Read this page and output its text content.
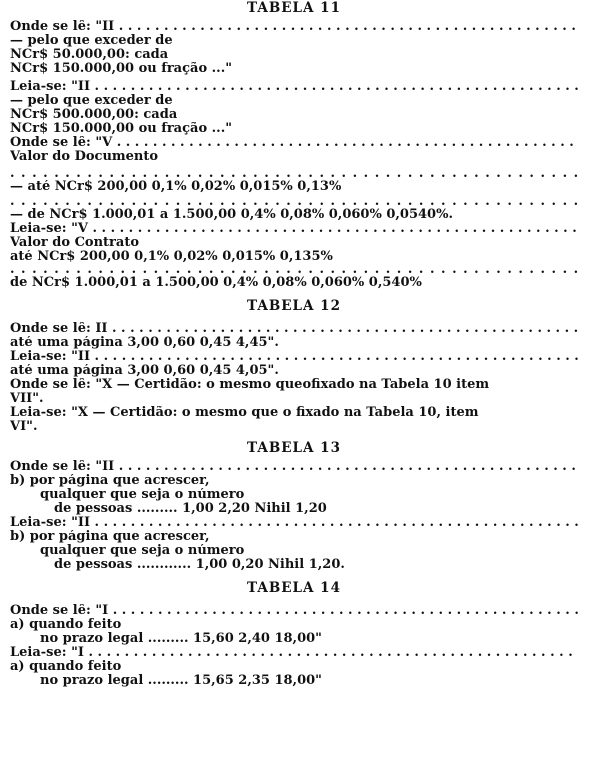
TABELA 11
Onde se lê: "II . . .
— pelo que exceder de
NCr$ 50.000,00: cada
NCr$ 150.000,00 ou fração ..."
Leia-se: "II . . .
— pelo que exceder de
NCr$ 500.000,00: cada
NCr$ 150.000,00 ou fração ..."
Onde se lê: "V . . .
Valor do Documento
. . .
— até NCr$ 200,00 0,1% 0,02% 0,015% 0,13%
. . .
— de NCr$ 1.000,01 a 1.500,00 0,4% 0,08% 0,060% 0,0540%.
Leia-se: "V . . .
Valor do Contrato
até NCr$ 200,00 0,1% 0,02% 0,015% 0,135%
. . .
de NCr$ 1.000,01 a 1.500,00 0,4% 0,08% 0,060% 0,540%
TABELA 12
Onde se lê: II . . .
até uma página 3,00 0,60 0,45 4,45".
Leia-se: "II . . .
até uma página 3,00 0,60 0,45 4,05".
Onde se lê: "X — Certidão: o mesmo queofixado na Tabela 10 item
VII".
Leia-se: "X — Certidão: o mesmo que o fixado na Tabela 10, item
VI".
TABELA 13
Onde se lê: "II . . .
b) por página que acrescer,
qualquer que seja o número
de pessoas ......... 1,00 2,20 Nihil 1,20
Leia-se: "II . . .
b) por página que acrescer,
qualquer que seja o número
de pessoas ............ 1,00 0,20 Nihil 1,20.
TABELA 14
Onde se lê: "I . . .
a) quando feito
no prazo legal ......... 15,60 2,40 18,00"
Leia-se: "I . . .
a) quando feito
no prazo legal ......... 15,65 2,35 18,00"
